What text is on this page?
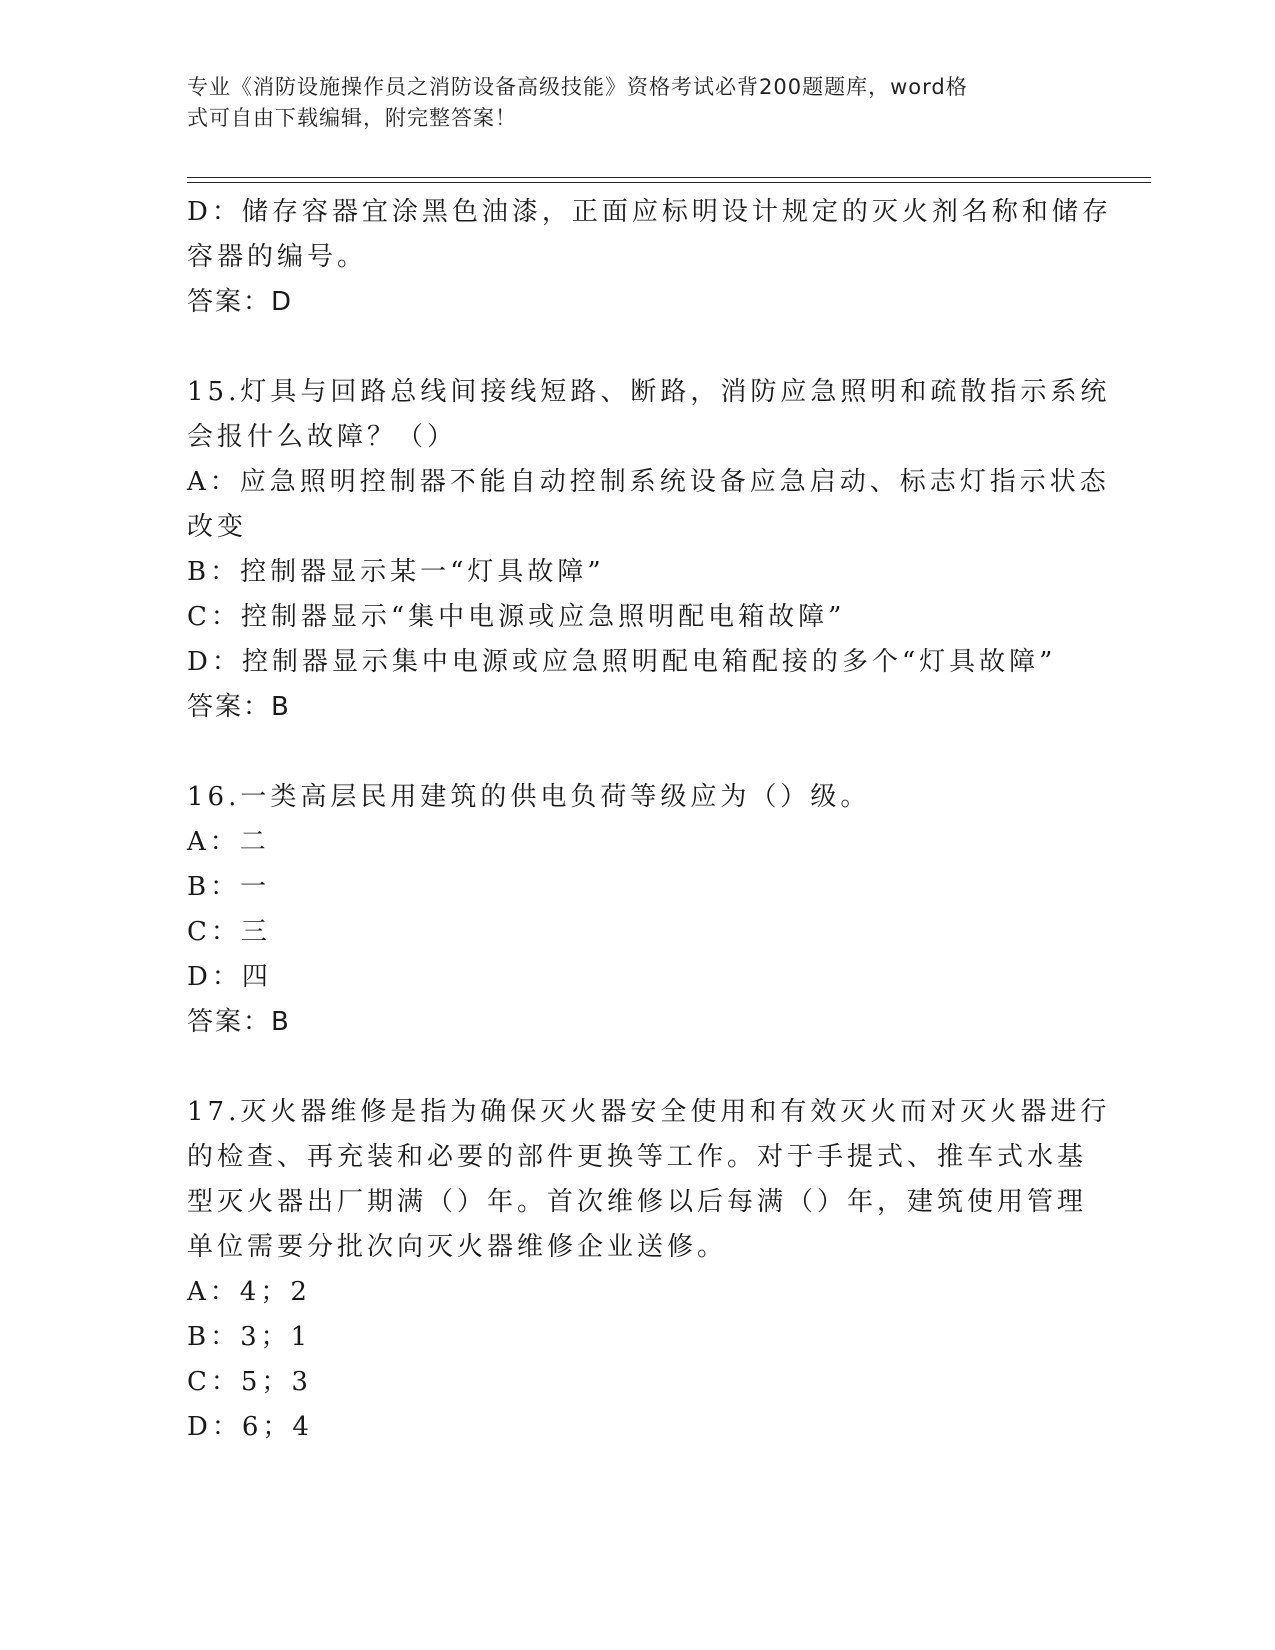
专业《消防设施操作员之消防设备高级技能》资格考试必背200题题库，word格
式可自由下载编辑，附完整答案！
D：储存容器宜涂黑色油漆，正面应标明设计规定的灭火剂名称和储存
容器的编号。
答案：D
15.灯具与回路总线间接线短路、断路，消防应急照明和疏散指示系统
会报什么故障？（）
A：应急照明控制器不能自动控制系统设备应急启动、标志灯指示状态
改变
B：控制器显示某一“灯具故障”
C：控制器显示“集中电源或应急照明配电箱故障”
D：控制器显示集中电源或应急照明配电箱配接的多个“灯具故障”
答案：B
16.一类高层民用建筑的供电负荷等级应为（）级。
A：二
B：一
C：三
D：四
答案：B
17.灭火器维修是指为确保灭火器安全使用和有效灭火而对灭火器进行
的检查、再充装和必要的部件更换等工作。对于手提式、推车式水基
型灭火器出厂期满（）年。首次维修以后每满（）年，建筑使用管理
单位需要分批次向灭火器维修企业送修。
A：4；2
B：3；1
C：5；3
D：6；4
